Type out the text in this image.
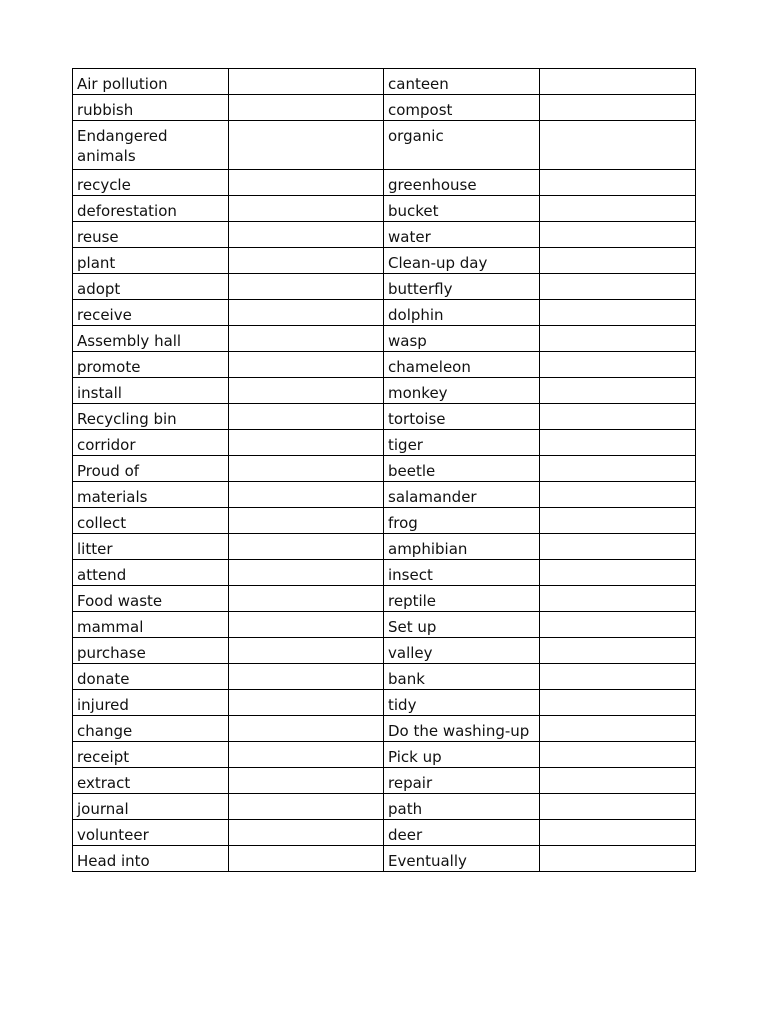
Air pollution		canteen	
rubbish		compost	
Endangered animals		organic	
recycle		greenhouse	
deforestation		bucket	
reuse		water	
plant		Clean-up day	
adopt		butterfly	
receive		dolphin	
Assembly hall		wasp	
promote		chameleon	
install		monkey	
Recycling bin		tortoise	
corridor		tiger	
Proud of		beetle	
materials		salamander	
collect		frog	
litter		amphibian	
attend		insect	
Food waste		reptile	
mammal		Set up	
purchase		valley	
donate		bank	
injured		tidy	
change		Do the washing-up	
receipt		Pick up	
extract		repair	
journal		path	
volunteer		deer	
Head into		Eventually	
